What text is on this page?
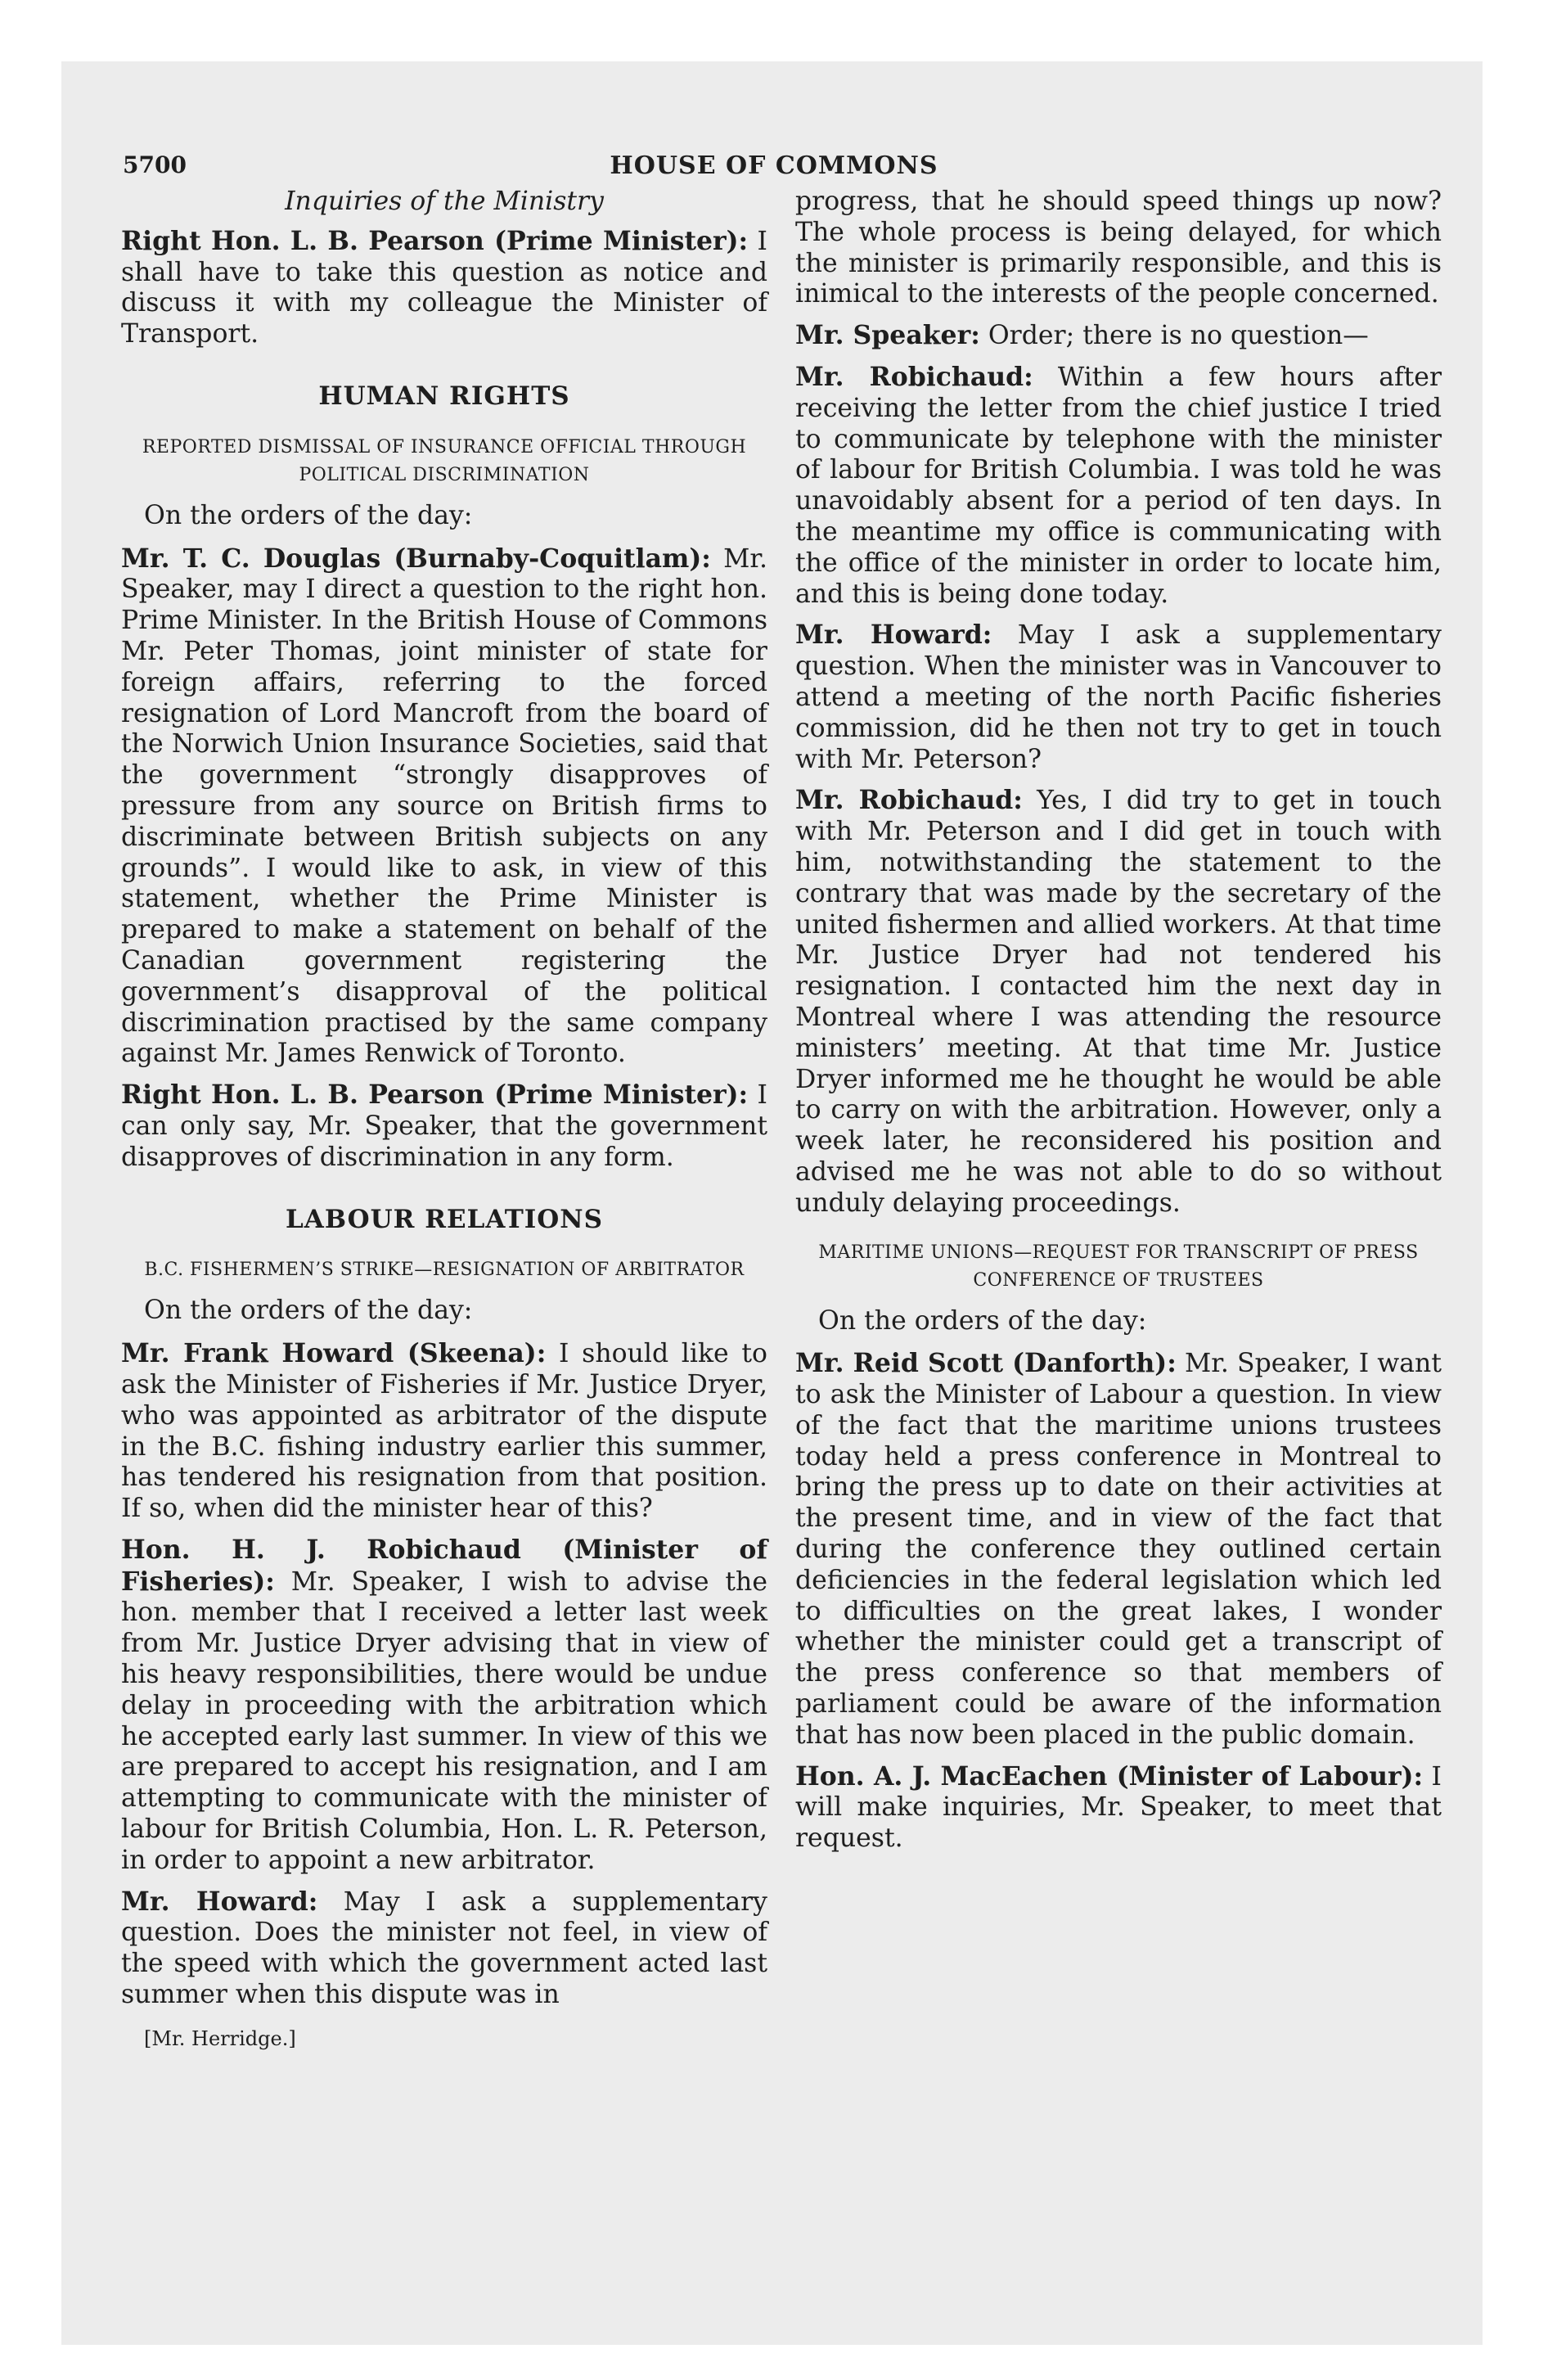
5700	HOUSE OF COMMONS
Inquiries of the Ministry

Right Hon. L. B. Pearson (Prime Minister): I shall have to take this question as notice and discuss it with my colleague the Minister of Transport.

HUMAN RIGHTS
REPORTED DISMISSAL OF INSURANCE OFFICIAL THROUGH POLITICAL DISCRIMINATION

On the orders of the day:

Mr. T. C. Douglas (Burnaby-Coquitlam): Mr. Speaker, may I direct a question to the right hon. Prime Minister. In the British House of Commons Mr. Peter Thomas, joint minister of state for foreign affairs, referring to the forced resignation of Lord Mancroft from the board of the Norwich Union Insurance Societies, said that the government “strongly disapproves of pressure from any source on British firms to discriminate between British subjects on any grounds”. I would like to ask, in view of this statement, whether the Prime Minister is prepared to make a statement on behalf of the Canadian government registering the government’s disapproval of the political discrimination practised by the same company against Mr. James Renwick of Toronto.

Right Hon. L. B. Pearson (Prime Minister): I can only say, Mr. Speaker, that the government disapproves of discrimination in any form.

LABOUR RELATIONS
B.C. FISHERMEN’S STRIKE—RESIGNATION OF ARBITRATOR

On the orders of the day:

Mr. Frank Howard (Skeena): I should like to ask the Minister of Fisheries if Mr. Justice Dryer, who was appointed as arbitrator of the dispute in the B.C. fishing industry earlier this summer, has tendered his resignation from that position. If so, when did the minister hear of this?

Hon. H. J. Robichaud (Minister of Fisheries): Mr. Speaker, I wish to advise the hon. member that I received a letter last week from Mr. Justice Dryer advising that in view of his heavy responsibilities, there would be undue delay in proceeding with the arbitration which he accepted early last summer. In view of this we are prepared to accept his resignation, and I am attempting to communicate with the minister of labour for British Columbia, Hon. L. R. Peterson, in order to appoint a new arbitrator.

Mr. Howard: May I ask a supplementary question. Does the minister not feel, in view of the speed with which the government acted last summer when this dispute was in

[Mr. Herridge.]

progress, that he should speed things up now? The whole process is being delayed, for which the minister is primarily responsible, and this is inimical to the interests of the people concerned.

Mr. Speaker: Order; there is no question—

Mr. Robichaud: Within a few hours after receiving the letter from the chief justice I tried to communicate by telephone with the minister of labour for British Columbia. I was told he was unavoidably absent for a period of ten days. In the meantime my office is communicating with the office of the minister in order to locate him, and this is being done today.

Mr. Howard: May I ask a supplementary question. When the minister was in Vancouver to attend a meeting of the north Pacific fisheries commission, did he then not try to get in touch with Mr. Peterson?

Mr. Robichaud: Yes, I did try to get in touch with Mr. Peterson and I did get in touch with him, notwithstanding the statement to the contrary that was made by the secretary of the united fishermen and allied workers. At that time Mr. Justice Dryer had not tendered his resignation. I contacted him the next day in Montreal where I was attending the resource ministers’ meeting. At that time Mr. Justice Dryer informed me he thought he would be able to carry on with the arbitration. However, only a week later, he reconsidered his position and advised me he was not able to do so without unduly delaying proceedings.

MARITIME UNIONS—REQUEST FOR TRANSCRIPT OF PRESS CONFERENCE OF TRUSTEES

On the orders of the day:

Mr. Reid Scott (Danforth): Mr. Speaker, I want to ask the Minister of Labour a question. In view of the fact that the maritime unions trustees today held a press conference in Montreal to bring the press up to date on their activities at the present time, and in view of the fact that during the conference they outlined certain deficiencies in the federal legislation which led to difficulties on the great lakes, I wonder whether the minister could get a transcript of the press conference so that members of parliament could be aware of the information that has now been placed in the public domain.

Hon. A. J. MacEachen (Minister of Labour): I will make inquiries, Mr. Speaker, to meet that request.
